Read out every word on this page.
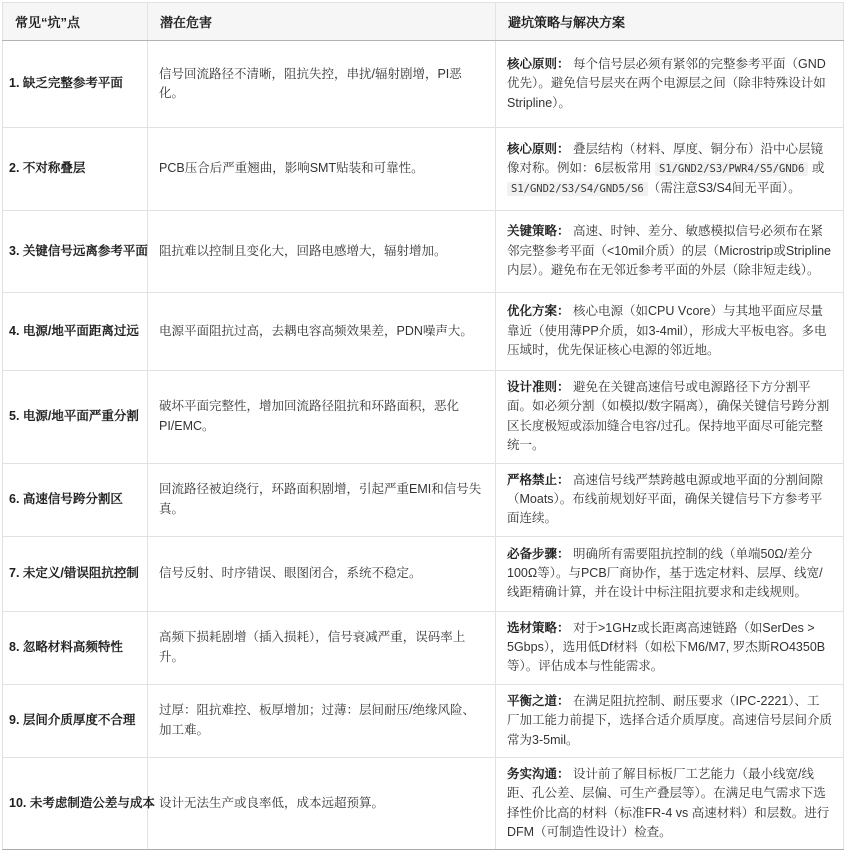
常见“坑”点	潜在危害	避坑策略与解决方案
1. 缺乏完整参考平面	信号回流路径不清晰，阻抗失控，串扰/辐射剧增，PI恶化。	核心原则： 每个信号层必须有紧邻的完整参考平面（GND优先）。避免信号层夹在两个电源层之间（除非特殊设计如 Stripline）。
2. 不对称叠层	PCB压合后严重翘曲，影响SMT贴装和可靠性。	核心原则： 叠层结构（材料、厚度、铜分布）沿中心层镜像对称。例如：6层板常用 S1/GND2/S3/PWR4/S5/GND6 或 S1/GND2/S3/S4/GND5/S6 （需注意S3/S4间无平面）。
3. 关键信号远离参考平面	阻抗难以控制且变化大，回路电感增大，辐射增加。	关键策略： 高速、时钟、差分、敏感模拟信号必须布在紧邻完整参考平面（<10mil介质）的层（Microstrip或Stripline内层）。避免布在无邻近参考平面的外层（除非短走线）。
4. 电源/地平面距离过远	电源平面阻抗过高，去耦电容高频效果差，PDN噪声大。	优化方案： 核心电源（如CPU Vcore）与其地平面应尽量靠近（使用薄PP介质，如3-4mil），形成大平板电容。多电压域时，优先保证核心电源的邻近地。
5. 电源/地平面严重分割	破坏平面完整性，增加回流路径阻抗和环路面积，恶化PI/EMC。	设计准则： 避免在关键高速信号或电源路径下方分割平面。如必须分割（如模拟/数字隔离），确保关键信号跨分割区长度极短或添加缝合电容/过孔。保持地平面尽可能完整统一。
6. 高速信号跨分割区	回流路径被迫绕行，环路面积剧增，引起严重EMI和信号失真。	严格禁止： 高速信号线严禁跨越电源或地平面的分割间隙（Moats）。布线前规划好平面，确保关键信号下方参考平面连续。
7. 未定义/错误阻抗控制	信号反射、时序错误、眼图闭合，系统不稳定。	必备步骤： 明确所有需要阻抗控制的线（单端50Ω/差分100Ω等）。与PCB厂商协作，基于选定材料、层厚、线宽/线距精确计算，并在设计中标注阻抗要求和走线规则。
8. 忽略材料高频特性	高频下损耗剧增（插入损耗），信号衰减严重，误码率上升。	选材策略： 对于>1GHz或长距离高速链路（如SerDes > 5Gbps），选用低Df材料（如松下M6/M7, 罗杰斯RO4350B等）。评估成本与性能需求。
9. 层间介质厚度不合理	过厚：阻抗难控、板厚增加；过薄：层间耐压/绝缘风险、加工难。	平衡之道： 在满足阻抗控制、耐压要求（IPC-2221）、工厂加工能力前提下，选择合适介质厚度。高速信号层间介质常为3-5mil。
10. 未考虑制造公差与成本	设计无法生产或良率低，成本远超预算。	务实沟通： 设计前了解目标板厂工艺能力（最小线宽/线距、孔公差、层偏、可生产叠层等）。在满足电气需求下选择性价比高的材料（标准FR-4 vs 高速材料）和层数。进行DFM（可制造性设计）检查。
